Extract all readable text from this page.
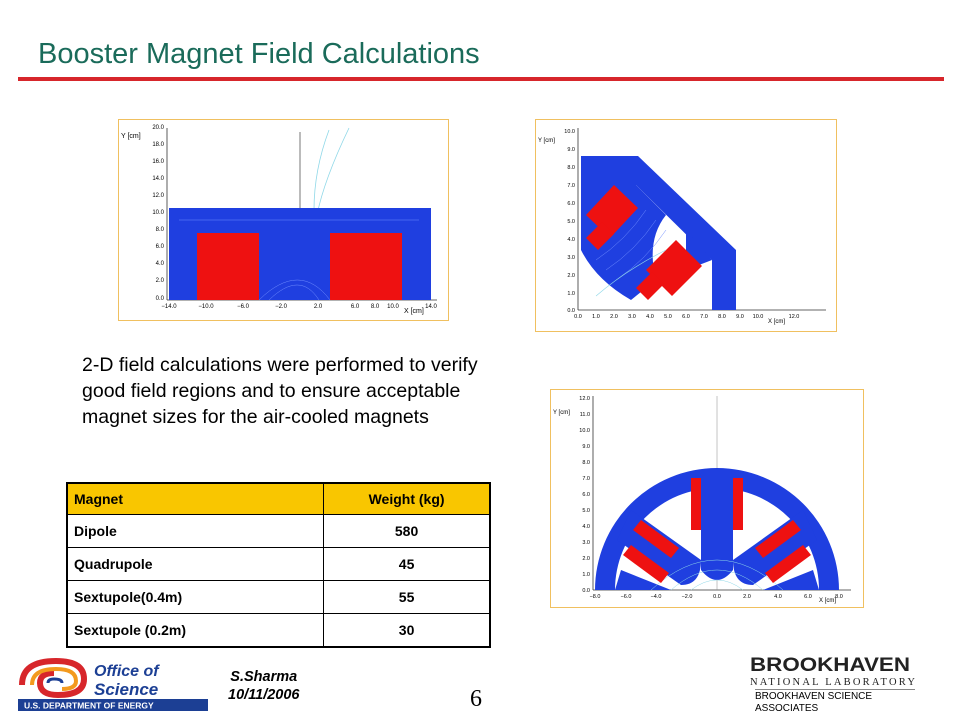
Booster Magnet Field Calculations
Y [cm]
X [cm]
20.0
18.0
16.0
14.0
12.0
10.0
8.0
6.0
4.0
2.0
0.0
−14.0	−10.0	−6.0	−2.0	2.0	6.0 8.0 10.0	14.0
Y [cm]
X [cm]
10.0
9.0
8.0
7.0
6.0
5.0
4.0
3.0
2.0
1.0
0.0
0.0 1.0 2.0 3.0 4.0 5.0 6.0 7.0 8.0 9.0 10.0	12.0
Y [cm]
X [cm]
12.0
11.0
10.0
9.0
8.0
7.0
6.0
5.0
4.0
3.0
2.0
1.0
0.0
−8.0	−6.0	−4.0	−2.0	0.0	2.0	4.0	6.0	8.0
2-D field calculations were performed to verify good field regions and to ensure acceptable magnet sizes for the air-cooled magnets
Magnet	Weight (kg)
Dipole	580
Quadrupole	45
Sextupole(0.4m)	55
Sextupole (0.2m)	30
Office of
Science
U.S. DEPARTMENT OF ENERGY
S.Sharma
10/11/2006	6
BROOKHAVEN
NATIONAL LABORATORY
BROOKHAVEN SCIENCE
ASSOCIATES
